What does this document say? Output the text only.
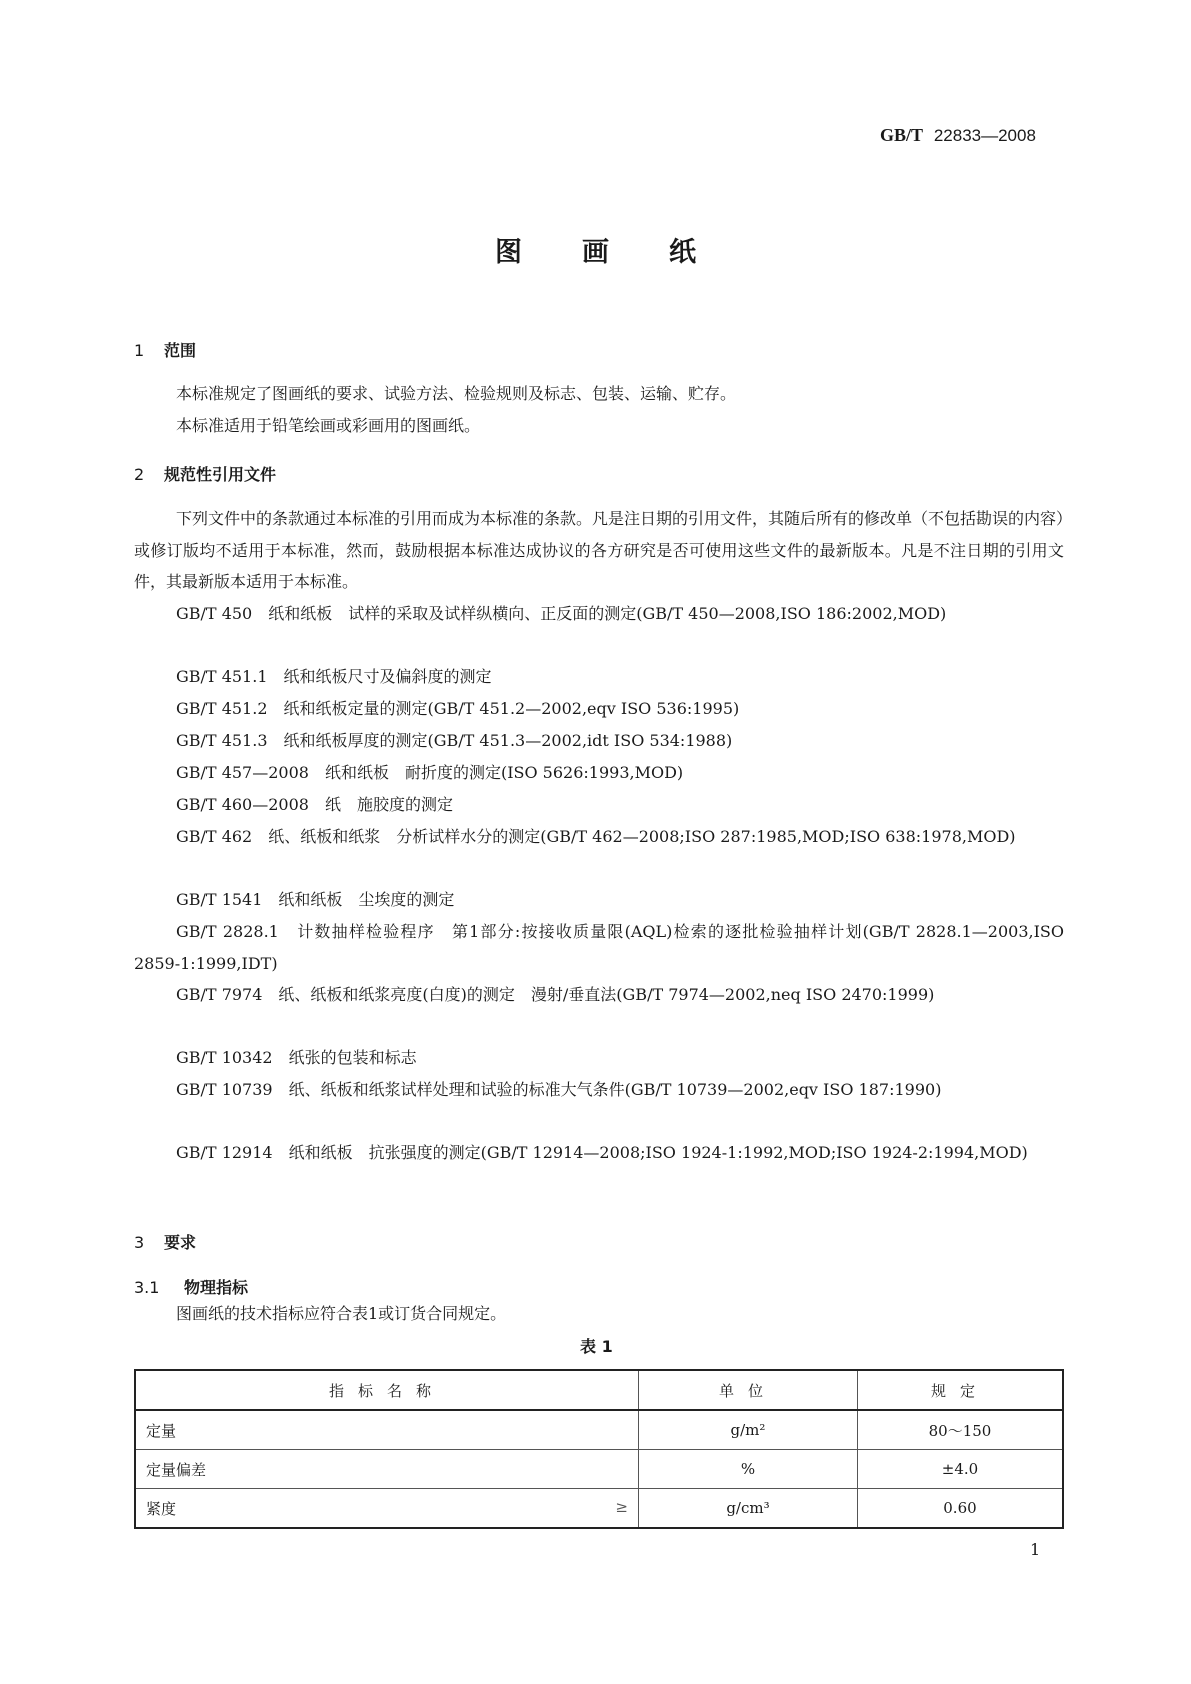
GB/T 22833—2008
图画纸
1 范围
本标准规定了图画纸的要求、试验方法、检验规则及标志、包装、运输、贮存。
本标准适用于铅笔绘画或彩画用的图画纸。
2 规范性引用文件
下列文件中的条款通过本标准的引用而成为本标准的条款。凡是注日期的引用文件，其随后所有的修改单（不包括勘误的内容）或修订版均不适用于本标准，然而，鼓励根据本标准达成协议的各方研究是否可使用这些文件的最新版本。凡是不注日期的引用文件，其最新版本适用于本标准。
GB/T 450　纸和纸板　试样的采取及试样纵横向、正反面的测定(GB/T 450—2008,ISO 186:2002,MOD)
GB/T 451.1　纸和纸板尺寸及偏斜度的测定
GB/T 451.2　纸和纸板定量的测定(GB/T 451.2—2002,eqv ISO 536:1995)
GB/T 451.3　纸和纸板厚度的测定(GB/T 451.3—2002,idt ISO 534:1988)
GB/T 457—2008　纸和纸板　耐折度的测定(ISO 5626:1993,MOD)
GB/T 460—2008　纸　施胶度的测定
GB/T 462　纸、纸板和纸浆　分析试样水分的测定(GB/T 462—2008;ISO 287:1985,MOD;ISO 638:1978,MOD)
GB/T 1541　纸和纸板　尘埃度的测定
GB/T 2828.1　计数抽样检验程序　第1部分:按接收质量限(AQL)检索的逐批检验抽样计划(GB/T 2828.1—2003,ISO 2859-1:1999,IDT)
GB/T 7974　纸、纸板和纸浆亮度(白度)的测定　漫射/垂直法(GB/T 7974—2002,neq ISO 2470:1999)
GB/T 10342　纸张的包装和标志
GB/T 10739　纸、纸板和纸浆试样处理和试验的标准大气条件(GB/T 10739—2002,eqv ISO 187:1990)
GB/T 12914　纸和纸板　抗张强度的测定(GB/T 12914—2008;ISO 1924-1:1992,MOD;ISO 1924-2:1994,MOD)
3 要求
3.1 物理指标
图画纸的技术指标应符合表1或订货合同规定。
表 1
指标名称	单位	规定
定量	g/m²	80～150
定量偏差	%	±4.0
紧度 ≥	g/cm³	0.60
1
